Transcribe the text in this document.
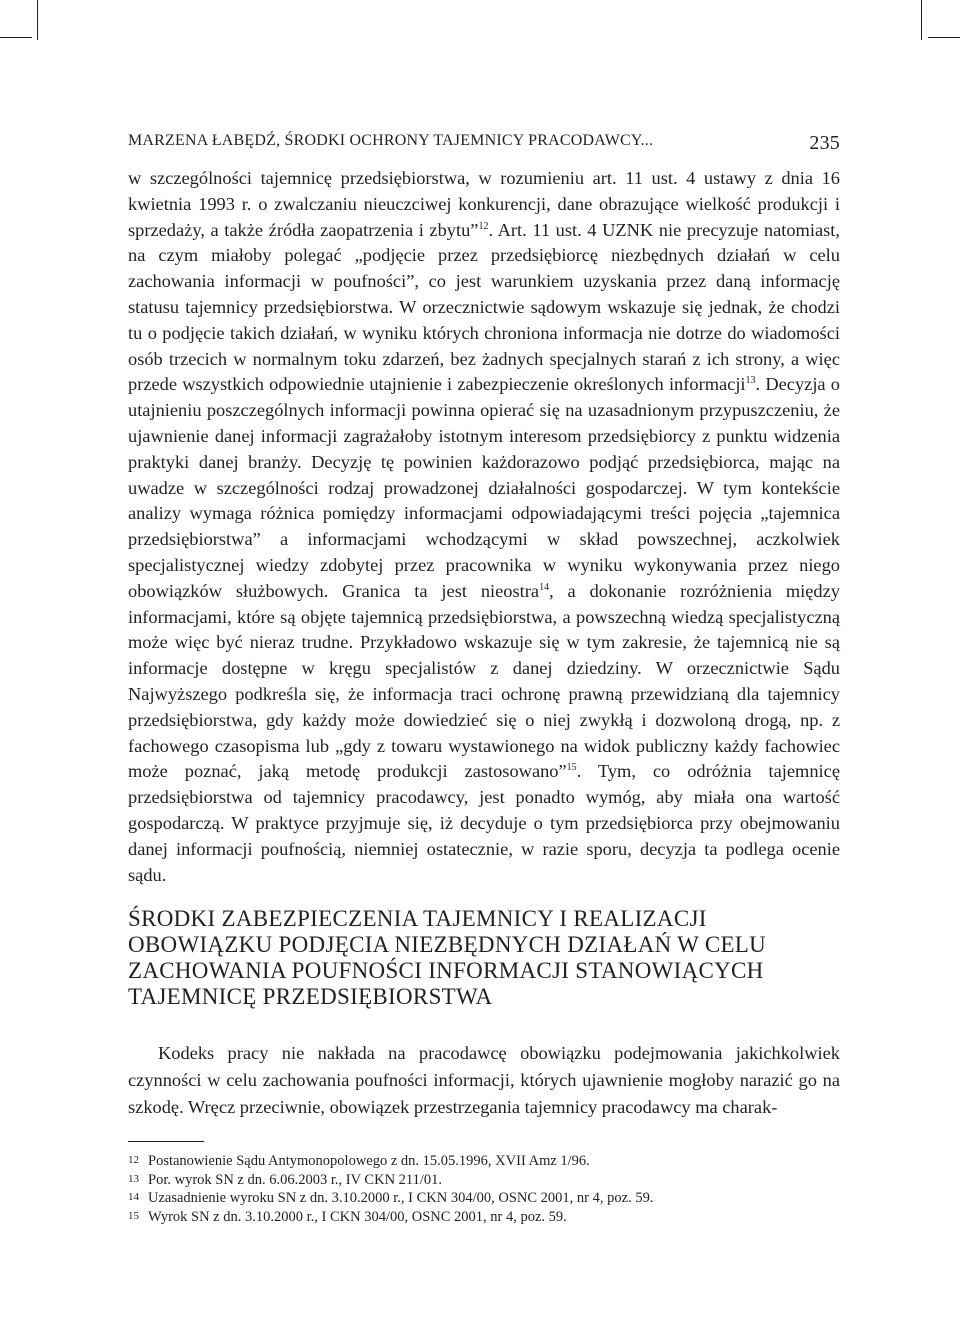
MARZENA ŁABĘDŹ, ŚRODKI OCHRONY TAJEMNICY PRACODAWCY...	235

w szczególności tajemnicę przedsiębiorstwa, w rozumieniu art. 11 ust. 4 ustawy z dnia 16 kwietnia 1993 r. o zwalczaniu nieuczciwej konkurencji, dane obrazujące wielkość produkcji i sprzedaży, a także źródła zaopatrzenia i zbytu”$^{12}$. Art. 11 ust. 4 UZNK nie precyzuje natomiast, na czym miałoby polegać „podjęcie przez przedsiębiorcę niezbędnych działań w celu zachowania informacji w poufności”, co jest warunkiem uzyskania przez daną informację statusu tajemnicy przedsiębiorstwa. W orzecznictwie sądowym wskazuje się jednak, że chodzi tu o podjęcie takich działań, w wyniku których chroniona informacja nie dotrze do wiadomości osób trzecich w normalnym toku zdarzeń, bez żadnych specjalnych starań z ich strony, a więc przede wszystkich odpowiednie utajnienie i zabezpieczenie określonych informacji$^{13}$. Decyzja o utajnieniu poszczególnych informacji powinna opierać się na uzasadnionym przypuszczeniu, że ujawnienie danej informacji zagrażałoby istotnym interesom przedsiębiorcy z punktu widzenia praktyki danej branży. Decyzję tę powinien każdorazowo podjąć przedsiębiorca, mając na uwadze w szczególności rodzaj prowadzonej działalności gospodarczej. W tym kontekście analizy wymaga różnica pomiędzy informacjami odpowiadającymi treści pojęcia „tajemnica przedsiębiorstwa” a informacjami wchodzącymi w skład powszechnej, aczkolwiek specjalistycznej wiedzy zdobytej przez pracownika w wyniku wykonywania przez niego obowiązków służbowych. Granica ta jest nieostra$^{14}$, a dokonanie rozróżnienia między informacjami, które są objęte tajemnicą przedsiębiorstwa, a powszechną wiedzą specjalistyczną może więc być nieraz trudne. Przykładowo wskazuje się w tym zakresie, że tajemnicą nie są informacje dostępne w kręgu specjalistów z danej dziedziny. W orzecznictwie Sądu Najwyższego podkreśla się, że informacja traci ochronę prawną przewidzianą dla tajemnicy przedsiębiorstwa, gdy każdy może dowiedzieć się o niej zwykłą i dozwoloną drogą, np. z fachowego czasopisma lub „gdy z towaru wystawionego na widok publiczny każdy fachowiec może poznać, jaką metodę produkcji zastosowano”$^{15}$. Tym, co odróżnia tajemnicę przedsiębiorstwa od tajemnicy pracodawcy, jest ponadto wymóg, aby miała ona wartość gospodarczą. W praktyce przyjmuje się, iż decyduje o tym przedsiębiorca przy obejmowaniu danej informacji poufnością, niemniej ostatecznie, w razie sporu, decyzja ta podlega ocenie sądu.

ŚRODKI ZABEZPIECZENIA TAJEMNICY I REALIZACJI OBOWIĄZKU PODJĘCIA NIEZBĘDNYCH DZIAŁAŃ W CELU ZACHOWANIA POUFNOŚCI INFORMACJI STANOWIĄCYCH TAJEMNICĘ PRZEDSIĘBIORSTWA

Kodeks pracy nie nakłada na pracodawcę obowiązku podejmowania jakichkolwiek czynności w celu zachowania poufności informacji, których ujawnienie mogłoby narazić go na szkodę. Wręcz przeciwnie, obowiązek przestrzegania tajemnicy pracodawcy ma charak-

12 Postanowienie Sądu Antymonopolowego z dn. 15.05.1996, XVII Amz 1/96.
13 Por. wyrok SN z dn. 6.06.2003 r., IV CKN 211/01.
14 Uzasadnienie wyroku SN z dn. 3.10.2000 r., I CKN 304/00, OSNC 2001, nr 4, poz. 59.
15 Wyrok SN z dn. 3.10.2000 r., I CKN 304/00, OSNC 2001, nr 4, poz. 59.
